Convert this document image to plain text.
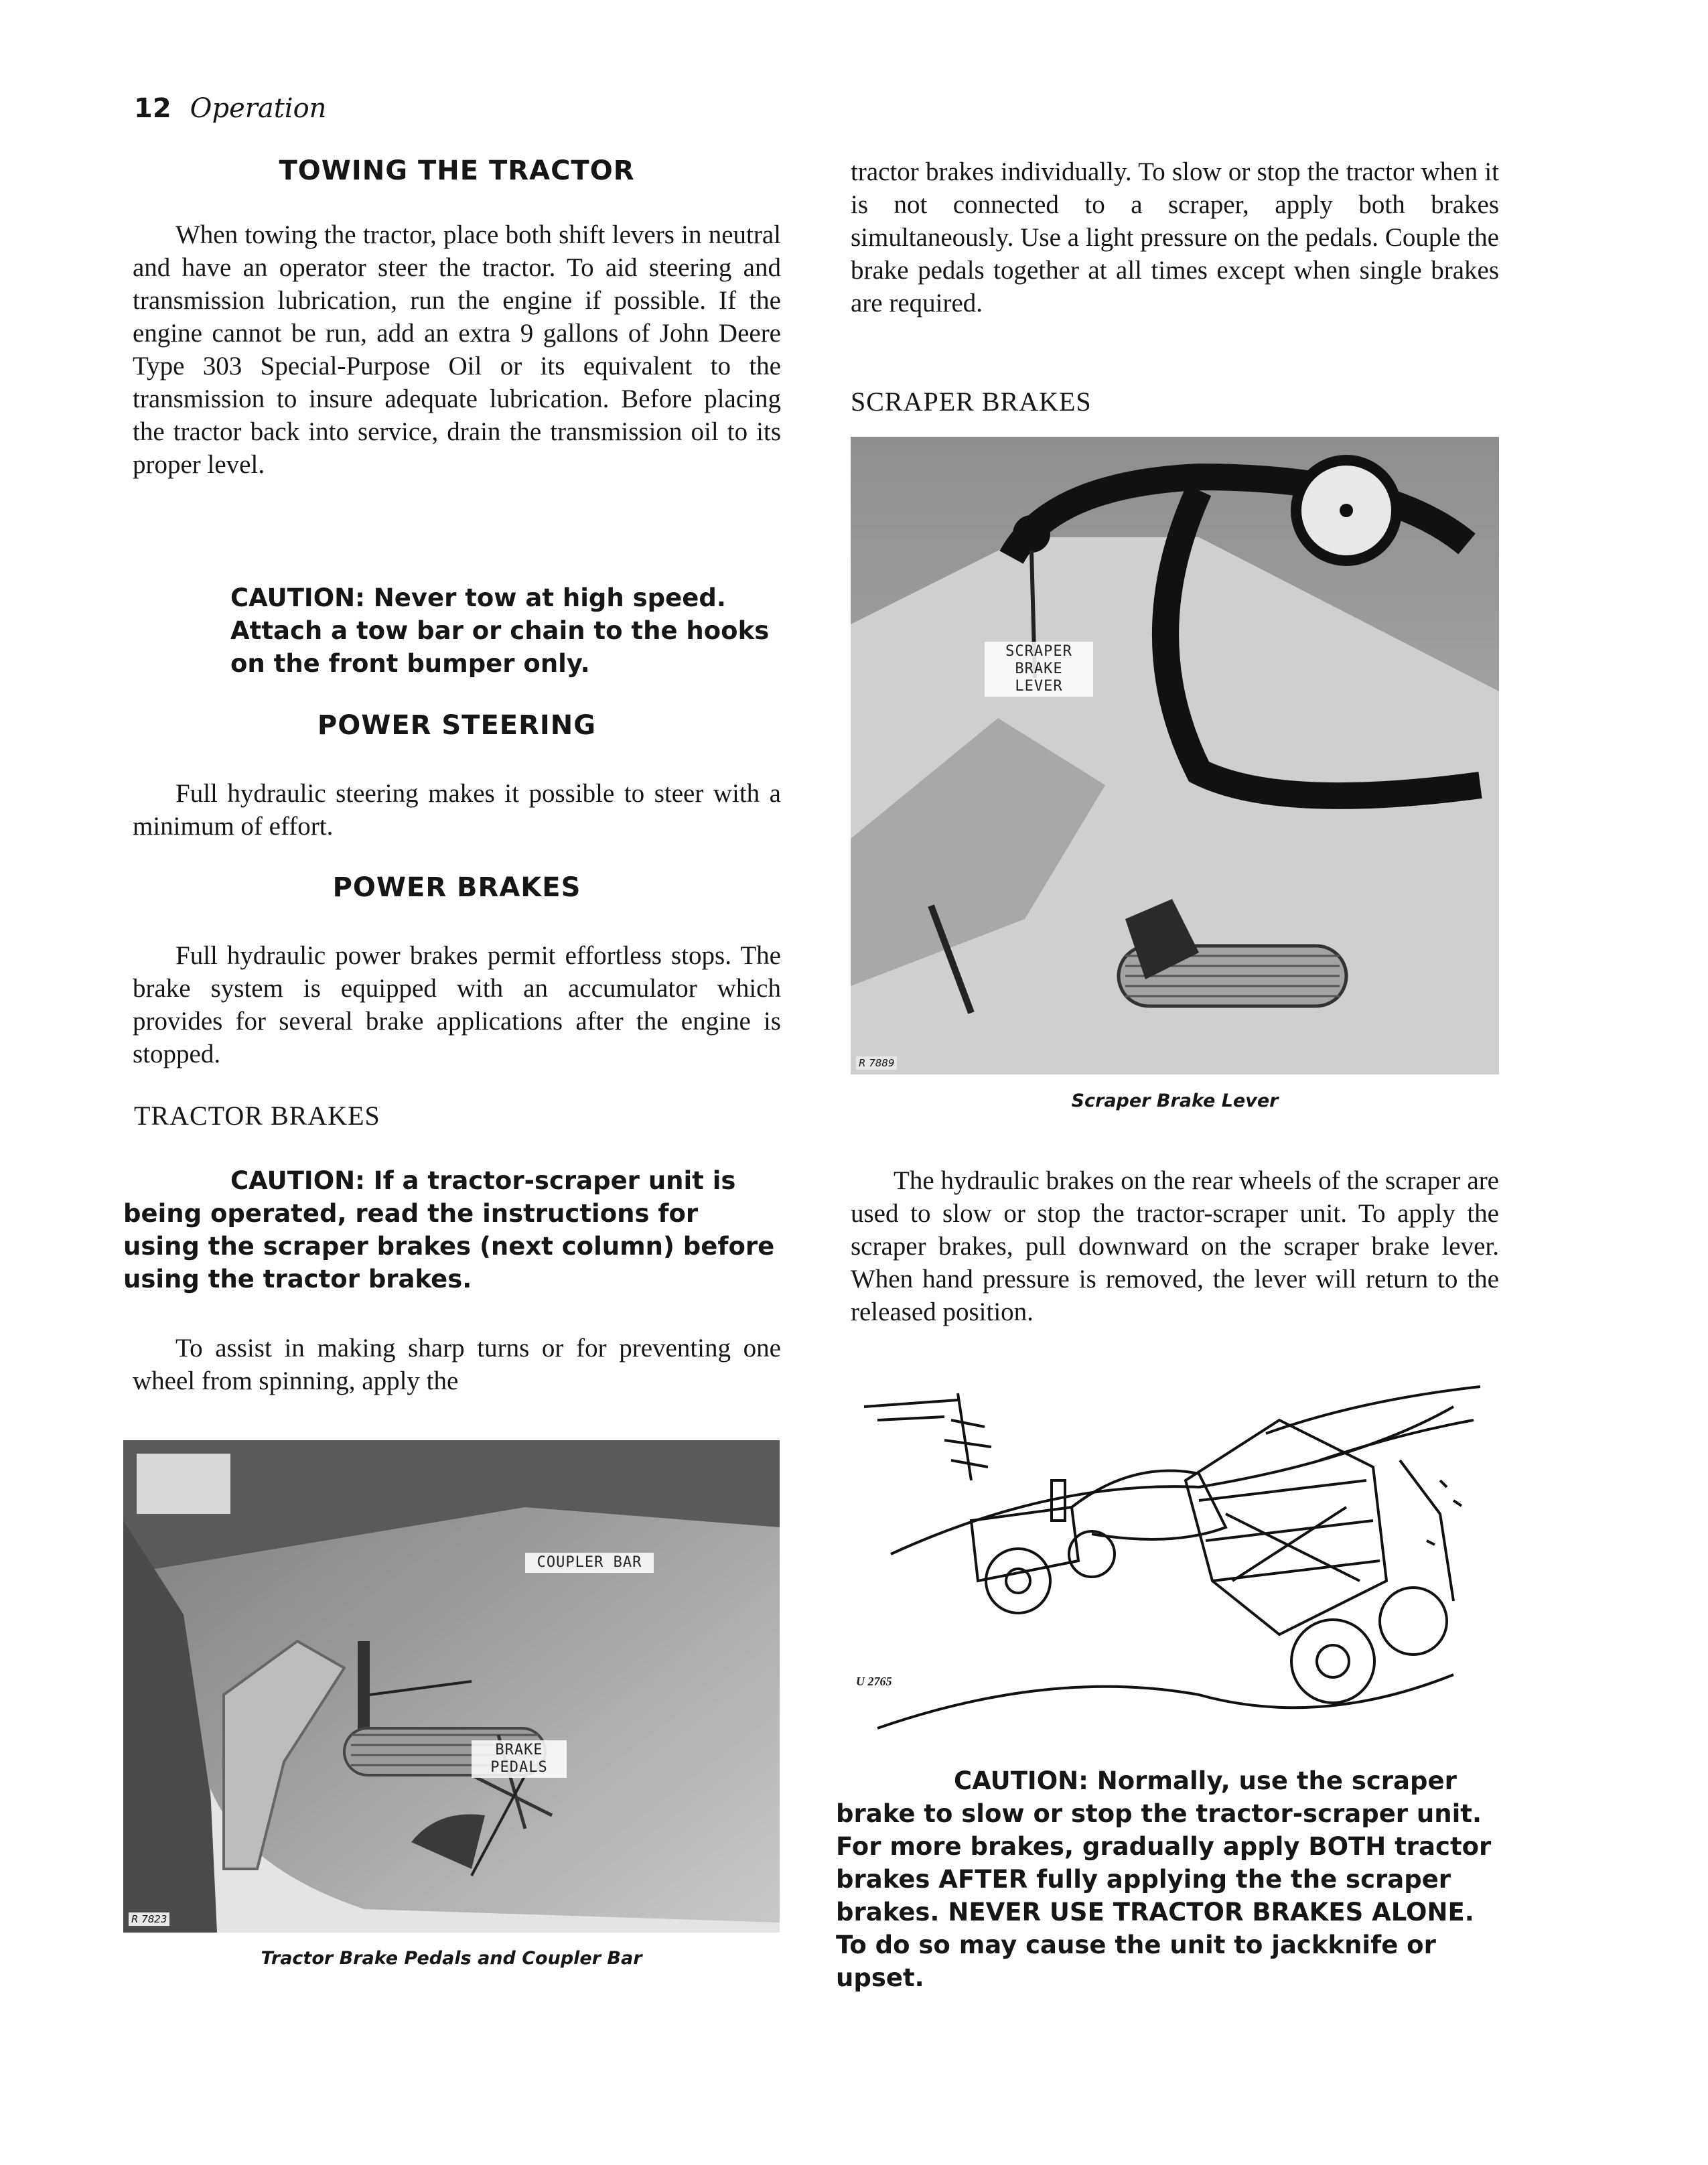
12 Operation
TOWING THE TRACTOR

When towing the tractor, place both shift levers in neutral and have an operator steer the tractor. To aid steering and transmission lubrication, run the engine if possible. If the engine cannot be run, add an extra 9 gallons of John Deere Type 303 Special-Purpose Oil or its equivalent to the transmission to insure adequate lubrication. Before placing the tractor back into service, drain the transmission oil to its proper level.

CAUTION: Never tow at high speed. Attach a tow bar or chain to the hooks on the front bumper only.

POWER STEERING

Full hydraulic steering makes it possible to steer with a minimum of effort.

POWER BRAKES

Full hydraulic power brakes permit effortless stops. The brake system is equipped with an accumulator which provides for several brake applications after the engine is stopped.

TRACTOR BRAKES

CAUTION: If a tractor-scraper unit is being operated, read the instructions for using the scraper brakes (next column) before using the tractor brakes.

To assist in making sharp turns or for preventing one wheel from spinning, apply the

COUPLER BAR
BRAKE PEDALS
R 7823
Tractor Brake Pedals and Coupler Bar

tractor brakes individually. To slow or stop the tractor when it is not connected to a scraper, apply both brakes simultaneously. Use a light pressure on the pedals. Couple the brake pedals together at all times except when single brakes are required.

SCRAPER BRAKES
SCRAPER BRAKE LEVER
R 7889
Scraper Brake Lever

The hydraulic brakes on the rear wheels of the scraper are used to slow or stop the tractor-scraper unit. To apply the scraper brakes, pull downward on the scraper brake lever. When hand pressure is removed, the lever will return to the released position.

U 2765

CAUTION: Normally, use the scraper brake to slow or stop the tractor-scraper unit. For more brakes, gradually apply BOTH tractor brakes AFTER fully applying the the scraper brakes. NEVER USE TRACTOR BRAKES ALONE. To do so may cause the unit to jackknife or upset.
